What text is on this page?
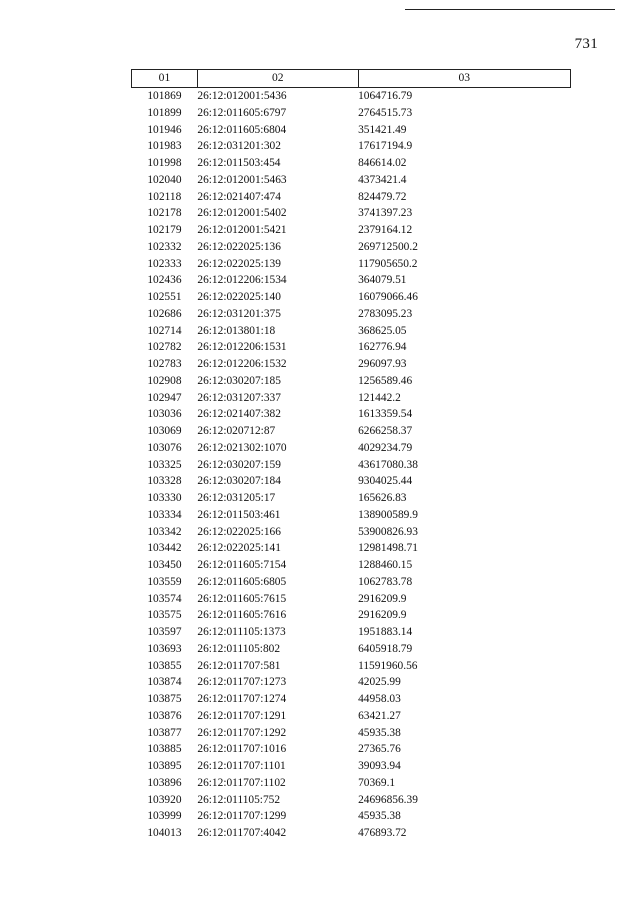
731
01	02	03
101869	26:12:012001:5436	1064716.79
101899	26:12:011605:6797	2764515.73
101946	26:12:011605:6804	351421.49
101983	26:12:031201:302	17617194.9
101998	26:12:011503:454	846614.02
102040	26:12:012001:5463	4373421.4
102118	26:12:021407:474	824479.72
102178	26:12:012001:5402	3741397.23
102179	26:12:012001:5421	2379164.12
102332	26:12:022025:136	269712500.2
102333	26:12:022025:139	117905650.2
102436	26:12:012206:1534	364079.51
102551	26:12:022025:140	16079066.46
102686	26:12:031201:375	2783095.23
102714	26:12:013801:18	368625.05
102782	26:12:012206:1531	162776.94
102783	26:12:012206:1532	296097.93
102908	26:12:030207:185	1256589.46
102947	26:12:031207:337	121442.2
103036	26:12:021407:382	1613359.54
103069	26:12:020712:87	6266258.37
103076	26:12:021302:1070	4029234.79
103325	26:12:030207:159	43617080.38
103328	26:12:030207:184	9304025.44
103330	26:12:031205:17	165626.83
103334	26:12:011503:461	138900589.9
103342	26:12:022025:166	53900826.93
103442	26:12:022025:141	12981498.71
103450	26:12:011605:7154	1288460.15
103559	26:12:011605:6805	1062783.78
103574	26:12:011605:7615	2916209.9
103575	26:12:011605:7616	2916209.9
103597	26:12:011105:1373	1951883.14
103693	26:12:011105:802	6405918.79
103855	26:12:011707:581	11591960.56
103874	26:12:011707:1273	42025.99
103875	26:12:011707:1274	44958.03
103876	26:12:011707:1291	63421.27
103877	26:12:011707:1292	45935.38
103885	26:12:011707:1016	27365.76
103895	26:12:011707:1101	39093.94
103896	26:12:011707:1102	70369.1
103920	26:12:011105:752	24696856.39
103999	26:12:011707:1299	45935.38
104013	26:12:011707:4042	476893.72
